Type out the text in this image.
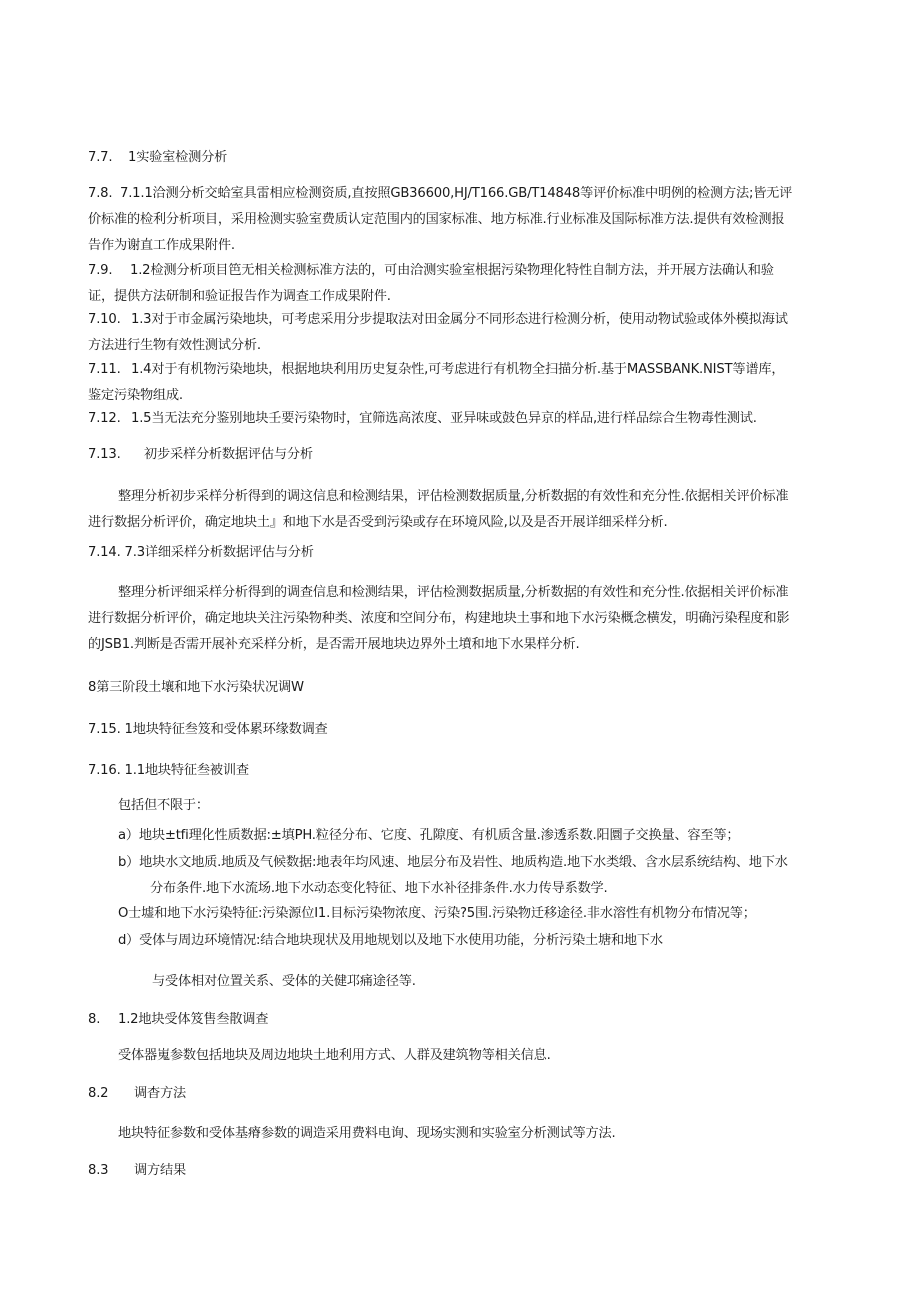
7.7. 1实验室检测分析
7.8. 7.1.1洽测分析交蛤室具雷相应检测资质,直按照GB36600,HJ/T166.GB/T14848等评价标准中明例的检测方法;皆无评
价标准的检利分析项目，采用检测实验室费质认定范围内的国家标准、地方标准.行业标准及国际标准方法.提供有效检测报
告作为谢直工作成果附件.
7.9. 1.2检测分析项目笆无相关检测标准方法的，可由洽测实验室根据污染物理化特性自制方法，并开展方法确认和验
证，提供方法研制和验证报告作为调查工作成果附件.
7.10. 1.3对于市金属污染地块，可考虑采用分步提取法对田金属分不同形态进行检测分析，使用动物试验或体外模拟海试
方法进行生物有效性测试分析.
7.11. 1.4对于有机物污染地块，根据地块利用历史复杂性,可考虑进行有机物全扫描分析.基于MASSBANK.NIST等谱库，
鉴定污染物组成.
7.12. 1.5当无法充分鉴别地块壬要污染物时，宜筛选高浓度、亚异味或鼓色异京的样品,进行样品综合生物毒性测试.
7.13. 初步采样分析数据评估与分析
整理分析初步采样分析得到的调这信息和检测结果，评估检测数据质量,分析数据的有效性和充分性.依据相关评价标准
进行数据分析评价，确定地块土』和地下水是否受到污染或存在环境风险,以及是否开展详细采样分析.
7.14. 7.3详细采样分析数据评估与分析
整理分析评细采样分析得到的调查信息和检测结果，评估检测数据质量,分析数据的有效性和充分性.依据相关评价标准
进行数据分析评价，确定地块关注污染物种类、浓度和空间分布，构建地块土事和地下水污染概念横发，明确污染程度和影
的JSB1.判断是否需开展补充采样分析，是否需开展地块边界外土墳和地下水果样分析.
8第三阶段土壤和地下水污染状况调W
7.15. 1地块特征叁笈和受体累环缘数调查
7.16. 1.1地块特征叁被训查
包括但不限于：
a）地块±tfi理化性质数据:±填PH.粒径分布、它度、孔隙度、有机质含量.渗透系数.阳圜子交换量、容至等；
b）地块水文地质.地质及气候数据:地表年均风速、地层分布及岩性、地质构造.地下水类缎、含水层系统结构、地下水
分布条件.地下水流场.地下水动态变化特征、地下水补径排条件.水力传导系数学.
O士墟和地下水污染特征:污染源位I1.目标污染物浓度、污染?5围.污染物迁移途径.非水溶性有机物分布情况等；
d）受体与周边环境情况:结合地块现状及用地规划以及地下水使用功能，分析污染土塘和地下水
与受体相对位置关系、受体的关健邛痛途径等.
8. 1.2地块受体笈售叁散调查
受体器嵬参数包括地块及周边地块土地利用方式、人群及建筑物等相关信息.
8.2 调杳方法
地块特征参数和受体基瘠参数的调造采用费料电询、现场实测和实验室分析测试等方法.
8.3 调方结果
